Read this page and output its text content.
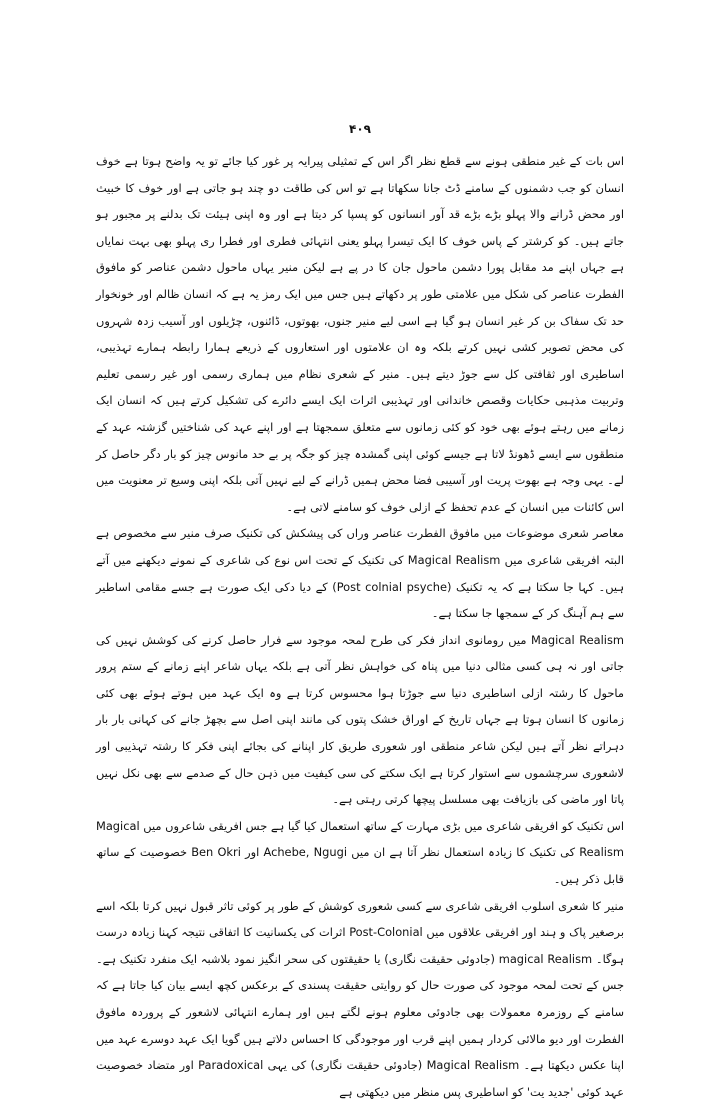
۴۰۹

اس بات کے غیر منطقی ہونے سے قطع نظر اگر اس کے تمثیلی پیرایہ پر غور کیا جائے تو یہ واضح ہوتا ہے خوف انسان کو جب دشمنوں کے سامنے ڈٹ جانا سکھاتا ہے تو اس کی طاقت دو چند ہو جاتی ہے اور خوف کا خبیث اور محض ڈرانے والا پہلو بڑے بڑے قد آور انسانوں کو پسپا کر دیتا ہے اور وہ اپنی ہیئت تک بدلنے پر مجبور ہو جاتے ہیں۔ کو کرشتر کے پاس خوف کا ایک تیسرا پہلو یعنی انتہائی فطری اور فطرا ری پہلو بھی بہت نمایاں ہے جہاں اپنے مد مقابل پورا دشمن ماحول جان کا در پے ہے لیکن منیر یہاں ماحول دشمن عناصر کو مافوق الفطرت عناصر کی شکل میں علامتی طور پر دکھاتے ہیں جس میں ایک رمز یہ ہے کہ انسان ظالم اور خونخوار حد تک سفاک بن کر غیر انسان ہو گیا ہے اسی لیے منیر جنوں، بھوتوں، ڈائنوں، چڑیلوں اور آسیب زدہ شہروں کی محض تصویر کشی نہیں کرتے بلکہ وہ ان علامتوں اور استعاروں کے ذریعے ہمارا رابطہ ہمارے تہذیبی، اساطیری اور ثقافتی کل سے جوڑ دیتے ہیں۔ منیر کے شعری نظام میں ہماری رسمی اور غیر رسمی تعلیم وتربیت مذہبی حکایات وقصص خاندانی اور تہذیبی اثرات ایک ایسے دائرے کی تشکیل کرتے ہیں کہ انسان ایک زمانے میں رہتے ہوئے بھی خود کو کئی زمانوں سے متعلق سمجھتا ہے اور اپنے عہد کی شناختیں گزشتہ عہد کے منطقوں سے ایسے ڈھونڈ لاتا ہے جیسے کوئی اپنی گمشدہ چیز کو جگہ پر بے حد مانوس چیز کو بار دگر حاصل کر لے۔ یہی وجہ ہے بھوت پریت اور آسیبی فضا محض ہمیں ڈرانے کے لیے نہیں آتی بلکہ اپنی وسیع تر معنویت میں اس کائنات میں انسان کے عدم تحفظ کے ازلی خوف کو سامنے لاتی ہے۔

معاصر شعری موضوعات میں مافوق الفطرت عناصر وراں کی پیشکش کی تکنیک صرف منیر سے مخصوص ہے البتہ افریقی شاعری میں Magical Realism کی تکنیک کے تحت اس نوع کی شاعری کے نمونے دیکھنے میں آتے ہیں۔ کہا جا سکتا ہے کہ یہ تکنیک (Post colnial psyche) کے دیا دکی ایک صورت ہے جسے مقامی اساطیر سے ہم آہنگ کر کے سمجھا جا سکتا ہے۔

Magical Realism میں رومانوی انداز فکر کی طرح لمحہ موجود سے فرار حاصل کرنے کی کوشش نہیں کی جاتی اور نہ ہی کسی مثالی دنیا میں پناہ کی خواہش نظر آتی ہے بلکہ یہاں شاعر اپنے زمانے کے ستم پرور ماحول کا رشتہ ازلی اساطیری دنیا سے جوڑتا ہوا محسوس کرتا ہے وہ ایک عہد میں ہوتے ہوئے بھی کئی زمانوں کا انسان ہوتا ہے جہاں تاریخ کے اوراق خشک پتوں کی مانند اپنی اصل سے بچھڑ جانے کی کہانی بار بار دہراتے نظر آتے ہیں لیکن شاعر منطقی اور شعوری طریق کار اپنانے کی بجائے اپنی فکر کا رشتہ تہذیبی اور لاشعوری سرچشموں سے استوار کرتا ہے ایک سکتے کی سی کیفیت میں ذہن حال کے صدمے سے بھی نکل نہیں پاتا اور ماضی کی بازیافت بھی مسلسل پیچھا کرتی رہتی ہے۔

اس تکنیک کو افریقی شاعری میں بڑی مہارت کے ساتھ استعمال کیا گیا ہے جس افریقی شاعروں میں Magical Realism کی تکنیک کا زیادہ استعمال نظر آتا ہے ان میں Achebe, Ngugi اور Ben Okri خصوصیت کے ساتھ قابل ذکر ہیں۔

منیر کا شعری اسلوب افریقی شاعری سے کسی شعوری کوشش کے طور پر کوئی تاثر قبول نہیں کرتا بلکہ اسے برصغیر پاک و ہند اور افریقی علاقوں میں Post-Colonial اثرات کی یکسانیت کا اتفاقی نتیجہ کہنا زیادہ درست ہوگا۔ magical Realism (جادوئی حقیقت نگاری) یا حقیقتوں کی سحر انگیز نمود بلاشبہ ایک منفرد تکنیک ہے۔ جس کے تحت لمحہ موجود کی صورت حال کو روایتی حقیقت پسندی کے برعکس کچھ ایسے بیان کیا جاتا ہے کہ سامنے کے روزمرہ معمولات بھی جادوئی معلوم ہونے لگتے ہیں اور ہمارے انتہائی لاشعور کے پروردہ مافوق الفطرت اور دیو مالائی کردار ہمیں اپنے قرب اور موجودگی کا احساس دلاتے ہیں گویا ایک عہد دوسرے عہد میں اپنا عکس دیکھتا ہے۔ Magical Realism (جادوئی حقیقت نگاری) کی یہی Paradoxical اور متضاد خصوصیت عہد کوئی 'جدید یت' کو اساطیری پس منظر میں دیکھتی ہے
